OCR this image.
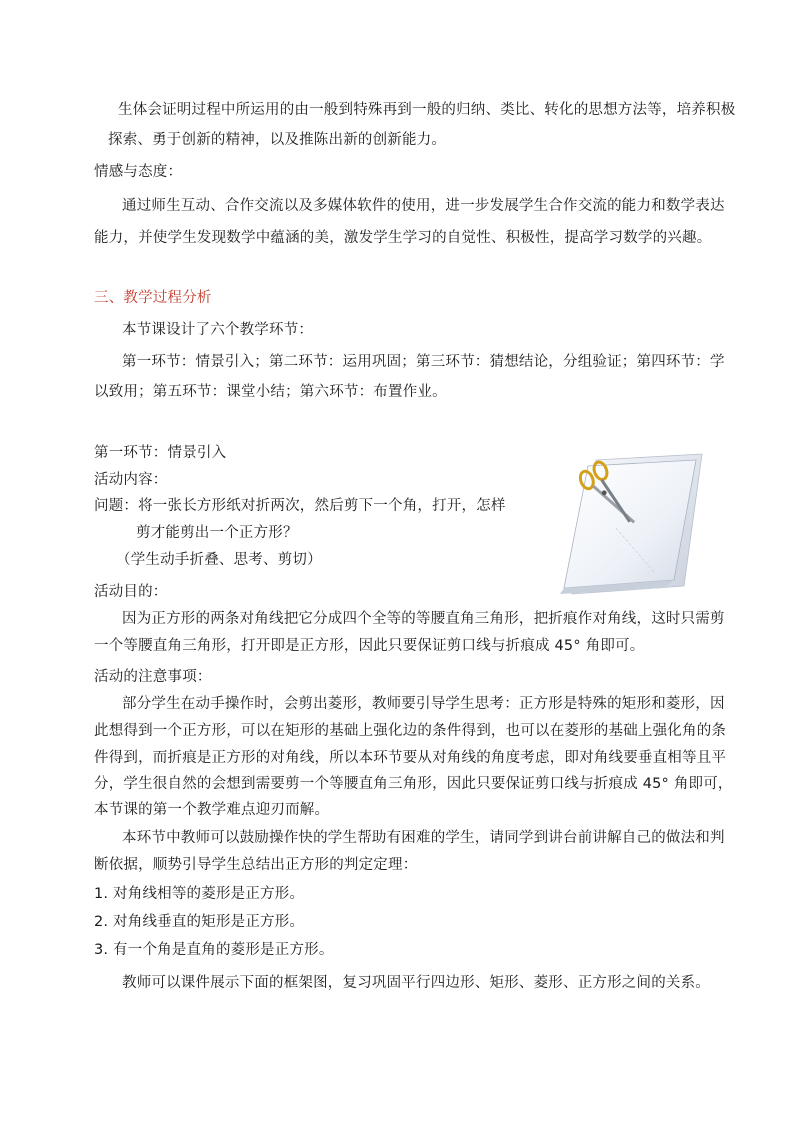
生体会证明过程中所运用的由一般到特殊再到一般的归纳、类比、转化的思想方法等，培养积极
探索、勇于创新的精神，以及推陈出新的创新能力。
情感与态度：
通过师生互动、合作交流以及多媒体软件的使用，进一步发展学生合作交流的能力和数学表达
能力，并使学生发现数学中蕴涵的美，激发学生学习的自觉性、积极性，提高学习数学的兴趣。
三、教学过程分析
本节课设计了六个教学环节：
第一环节：情景引入；第二环节：运用巩固；第三环节：猜想结论，分组验证；第四环节：学
以致用；第五环节：课堂小结；第六环节：布置作业。
第一环节：情景引入
活动内容：
问题：将一张长方形纸对折两次，然后剪下一个角，打开，怎样
剪才能剪出一个正方形？
（学生动手折叠、思考、剪切）
活动目的：
因为正方形的两条对角线把它分成四个全等的等腰直角三角形，把折痕作对角线，这时只需剪
一个等腰直角三角形，打开即是正方形，因此只要保证剪口线与折痕成 45° 角即可。
活动的注意事项：
部分学生在动手操作时，会剪出菱形，教师要引导学生思考：正方形是特殊的矩形和菱形，因
此想得到一个正方形，可以在矩形的基础上强化边的条件得到，也可以在菱形的基础上强化角的条
件得到，而折痕是正方形的对角线，所以本环节要从对角线的角度考虑，即对角线要垂直相等且平
分，学生很自然的会想到需要剪一个等腰直角三角形，因此只要保证剪口线与折痕成 45° 角即可，
本节课的第一个教学难点迎刃而解。
本环节中教师可以鼓励操作快的学生帮助有困难的学生，请同学到讲台前讲解自己的做法和判
断依据，顺势引导学生总结出正方形的判定定理：
1. 对角线相等的菱形是正方形。
2. 对角线垂直的矩形是正方形。
3. 有一个角是直角的菱形是正方形。
教师可以课件展示下面的框架图，复习巩固平行四边形、矩形、菱形、正方形之间的关系。
